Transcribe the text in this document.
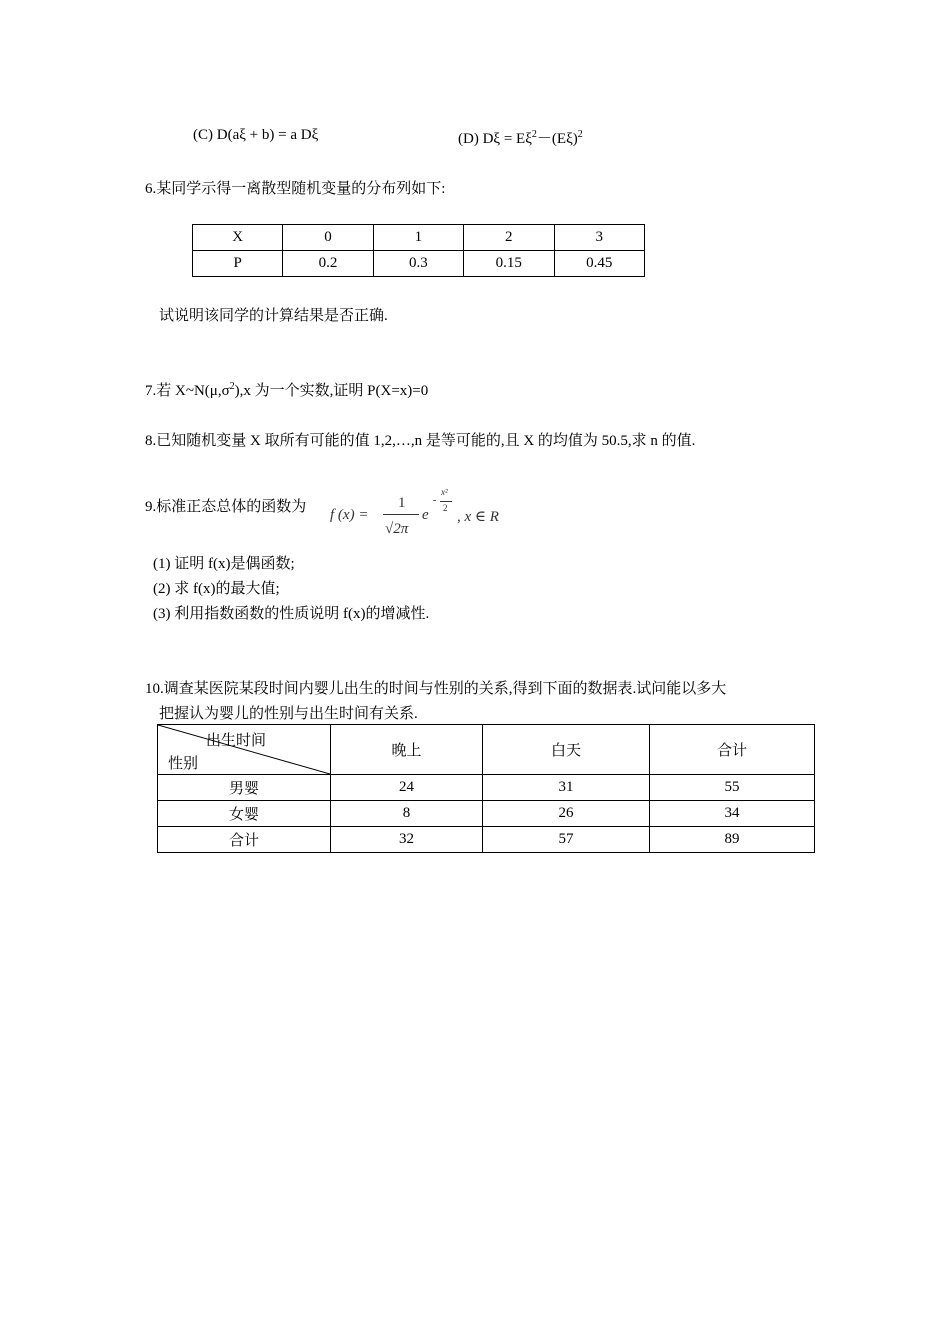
(C) D(aξ + b) = a Dξ	(D) $D\xi = E\xi^2-(E\xi)^2$
6.某同学示得一离散型随机变量的分布列如下:
X	0	1	2	3
P	0.2	0.3	0.15	0.45
试说明该同学的计算结果是否正确.
7.若 $X\sim N(\mu,\sigma^2),x$ 为一个实数,证明 P(X=x)=0
8.已知随机变量 X 取所有可能的值 1,2,…,n 是等可能的,且 X 的均值为 50.5,求 n 的值.
9.标准正态总体的函数为 f (x) =
1
√2π
e
-
x²
2
, x ∈ R
(1) 证明 f(x)是偶函数;
(2) 求 f(x)的最大值;
(3) 利用指数函数的性质说明 f(x)的增减性.
10.调查某医院某段时间内婴儿出生的时间与性别的关系,得到下面的数据表.试问能以多大
把握认为婴儿的性别与出生时间有关系.
出生时间
性别	晚上	白天	合计
男婴	24	31	55
女婴	8	26	34
合计	32	57	89
